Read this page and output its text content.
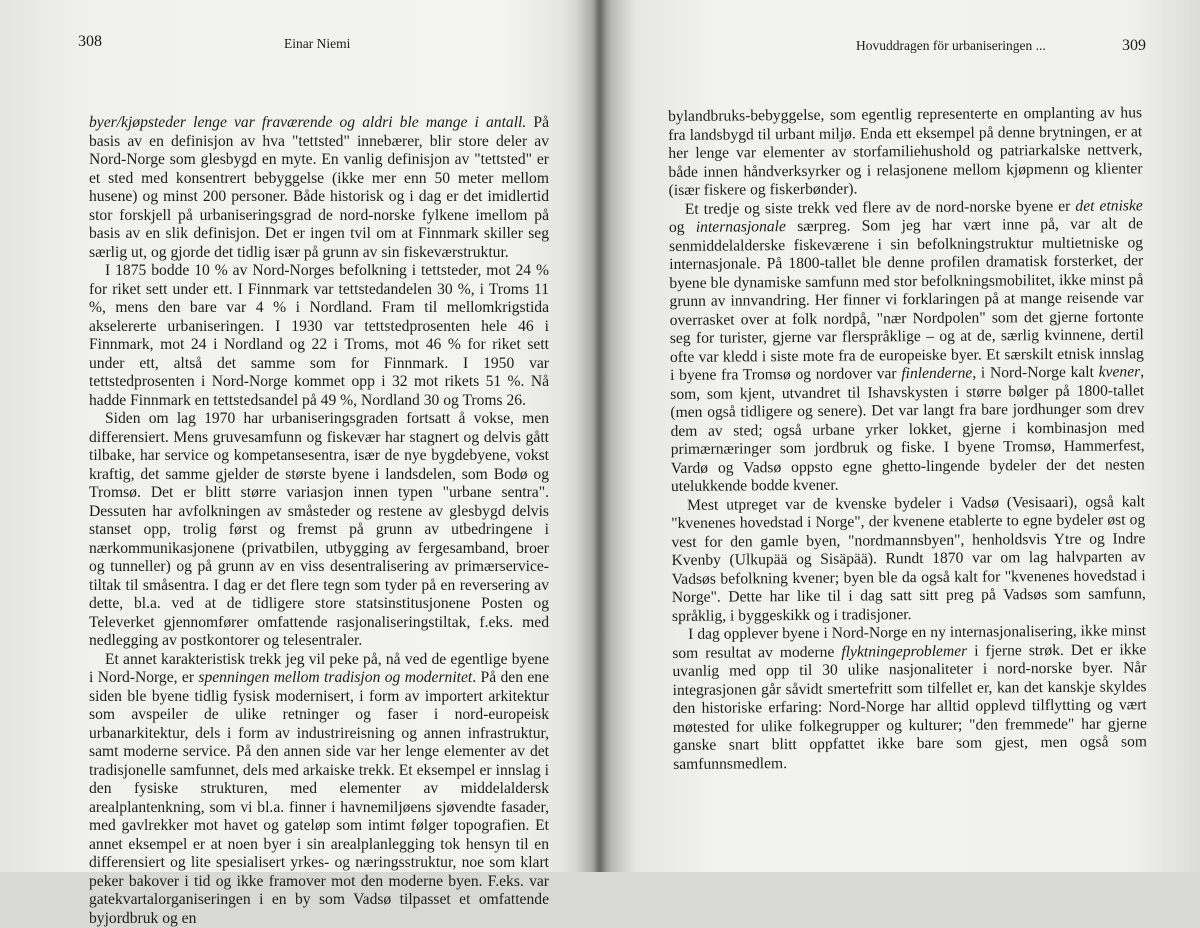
308	Einar Niemi

byer/kjøpsteder lenge var fraværende og aldri ble mange i antall. På basis av en definisjon av hva "tettsted" innebærer, blir store deler av Nord-Norge som glesbygd en myte. En vanlig definisjon av "tettsted" er et sted med konsentrert bebyggelse (ikke mer enn 50 meter mellom husene) og minst 200 personer. Både historisk og i dag er det imidlertid stor forskjell på urbaniseringsgrad de nord-norske fylkene imellom på basis av en slik definisjon. Det er ingen tvil om at Finnmark skiller seg særlig ut, og gjorde det tidlig især på grunn av sin fiskeværstruktur.

I 1875 bodde 10 % av Nord-Norges befolkning i tettsteder, mot 24 % for riket sett under ett. I Finnmark var tettstedandelen 30 %, i Troms 11 %, mens den bare var 4 % i Nordland. Fram til mellomkrigstida akselererte urbaniseringen. I 1930 var tettstedprosenten hele 46 i Finnmark, mot 24 i Nordland og 22 i Troms, mot 46 % for riket sett under ett, altså det samme som for Finnmark. I 1950 var tettstedprosenten i Nord-Norge kommet opp i 32 mot rikets 51 %. Nå hadde Finnmark en tettstedsandel på 49 %, Nordland 30 og Troms 26.

Siden om lag 1970 har urbaniseringsgraden fortsatt å vokse, men differensiert. Mens gruvesamfunn og fiskevær har stagnert og delvis gått tilbake, har service og kompetansesentra, især de nye bygdebyene, vokst kraftig, det samme gjelder de største byene i landsdelen, som Bodø og Tromsø. Det er blitt større variasjon innen typen "urbane sentra". Dessuten har avfolkningen av småsteder og restene av glesbygd delvis stanset opp, trolig først og fremst på grunn av utbedringene i nærkommunikasjonene (privatbilen, utbygging av fergesamband, broer og tunneller) og på grunn av en viss desentralisering av primærservice-tiltak til småsentra. I dag er det flere tegn som tyder på en reversering av dette, bl.a. ved at de tidligere store statsinstitusjonene Posten og Televerket gjennomfører omfattende rasjonaliseringstiltak, f.eks. med nedlegging av postkontorer og telesentraler.

Et annet karakteristisk trekk jeg vil peke på, nå ved de egentlige byene i Nord-Norge, er spenningen mellom tradisjon og modernitet. På den ene siden ble byene tidlig fysisk modernisert, i form av importert arkitektur som avspeiler de ulike retninger og faser i nord-europeisk urbanarkitektur, dels i form av industrireisning og annen infrastruktur, samt moderne service. På den annen side var her lenge elementer av det tradisjonelle samfunnet, dels med arkaiske trekk. Et eksempel er innslag i den fysiske strukturen, med elementer av middelaldersk arealplantenkning, som vi bl.a. finner i havnemiljøens sjøvendte fasader, med gavlrekker mot havet og gateløp som intimt følger topografien. Et annet eksempel er at noen byer i sin arealplanlegging tok hensyn til en differensiert og lite spesialisert yrkes- og næringsstruktur, noe som klart peker bakover i tid og ikke framover mot den moderne byen. F.eks. var gatekvartalorganiseringen i en by som Vadsø tilpasset et omfattende byjordbruk og en

Hovuddragen för urbaniseringen ...	309

bylandbruks-bebyggelse, som egentlig representerte en omplanting av hus fra landsbygd til urbant miljø. Enda ett eksempel på denne brytningen, er at her lenge var elementer av storfamiliehushold og patriarkalske nettverk, både innen håndverksyrker og i relasjonene mellom kjøpmenn og klienter (især fiskere og fiskerbønder).

Et tredje og siste trekk ved flere av de nord-norske byene er det etniske og internasjonale særpreg. Som jeg har vært inne på, var alt de senmiddelalderske fiskeværene i sin befolkningstruktur multietniske og internasjonale. På 1800-tallet ble denne profilen dramatisk forsterket, der byene ble dynamiske samfunn med stor befolkningsmobilitet, ikke minst på grunn av innvandring. Her finner vi forklaringen på at mange reisende var overrasket over at folk nordpå, "nær Nordpolen" som det gjerne fortonte seg for turister, gjerne var flerspråklige – og at de, særlig kvinnene, dertil ofte var kledd i siste mote fra de europeiske byer. Et særskilt etnisk innslag i byene fra Tromsø og nordover var finlenderne, i Nord-Norge kalt kvener, som, som kjent, utvandret til Ishavskysten i større bølger på 1800-tallet (men også tidligere og senere). Det var langt fra bare jordhunger som drev dem av sted; også urbane yrker lokket, gjerne i kombinasjon med primærnæringer som jordbruk og fiske. I byene Tromsø, Hammerfest, Vardø og Vadsø oppsto egne ghetto-lingende bydeler der det nesten utelukkende bodde kvener.

Mest utpreget var de kvenske bydeler i Vadsø (Vesisaari), også kalt "kvenenes hovedstad i Norge", der kvenene etablerte to egne bydeler øst og vest for den gamle byen, "nordmannsbyen", henholdsvis Ytre og Indre Kvenby (Ulkupää og Sisäpää). Rundt 1870 var om lag halvparten av Vadsøs befolkning kvener; byen ble da også kalt for "kvenenes hovedstad i Norge". Dette har like til i dag satt sitt preg på Vadsøs som samfunn, språklig, i byggeskikk og i tradisjoner.

I dag opplever byene i Nord-Norge en ny internasjonalisering, ikke minst som resultat av moderne flyktningeproblemer i fjerne strøk. Det er ikke uvanlig med opp til 30 ulike nasjonaliteter i nord-norske byer. Når integrasjonen går såvidt smertefritt som tilfellet er, kan det kanskje skyldes den historiske erfaring: Nord-Norge har alltid opplevd tilflytting og vært møtested for ulike folkegrupper og kulturer; "den fremmede" har gjerne ganske snart blitt oppfattet ikke bare som gjest, men også som samfunnsmedlem.
